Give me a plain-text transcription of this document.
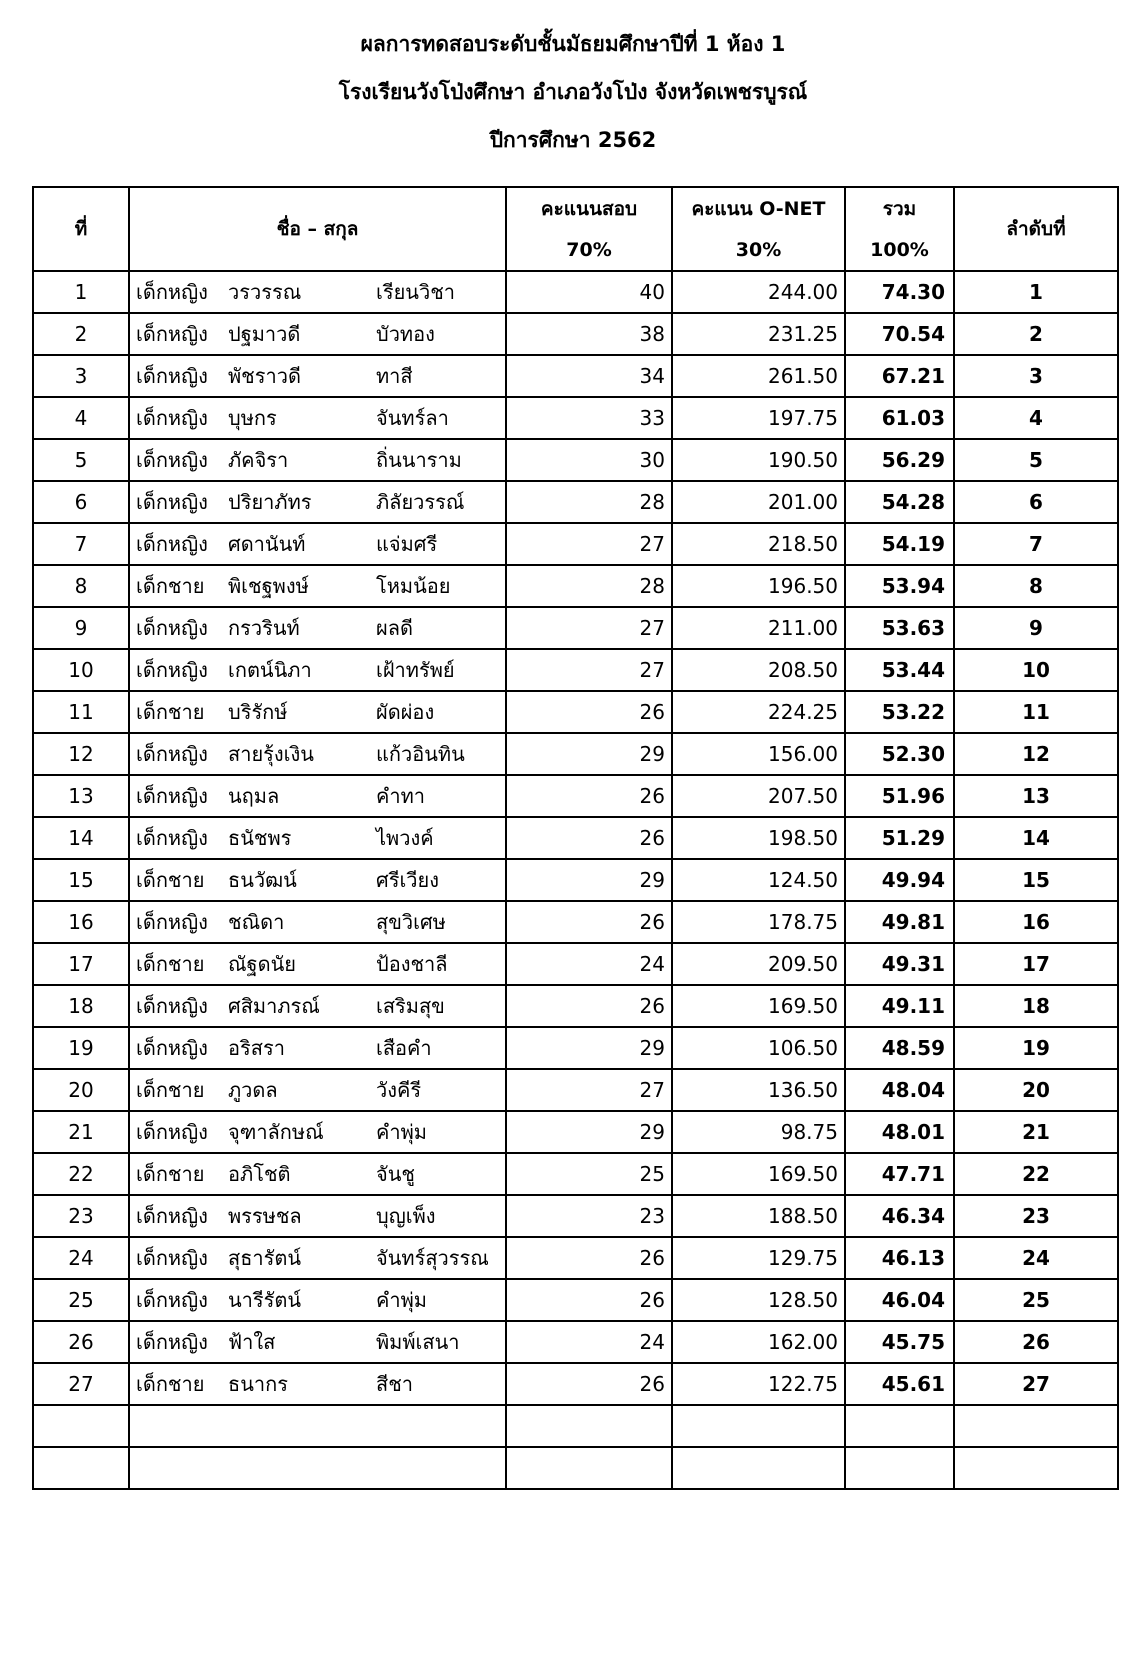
ผลการทดสอบระดับชั้นมัธยมศึกษาปีที่ 1 ห้อง 1
โรงเรียนวังโป่งศึกษา อำเภอวังโป่ง จังหวัดเพชรบูรณ์
ปีการศึกษา 2562
ที่	ชื่อ – สกุล	คะแนนสอบ	คะแนน O-NET	รวม	ลำดับที่
		70%	30%	100%	
1	เด็กหญิง วรวรรณ เรียนวิชา	40	244.00	74.30	1
2	เด็กหญิง ปฐมาวดี บัวทอง	38	231.25	70.54	2
3	เด็กหญิง พัชราวดี ทาสี	34	261.50	67.21	3
4	เด็กหญิง บุษกร จันทร์ลา	33	197.75	61.03	4
5	เด็กหญิง ภัคจิรา ถิ่นนาราม	30	190.50	56.29	5
6	เด็กหญิง ปริยาภัทร ภิลัยวรรณ์	28	201.00	54.28	6
7	เด็กหญิง ศดานันท์ แจ่มศรี	27	218.50	54.19	7
8	เด็กชาย พิเชฐพงษ์ โหมน้อย	28	196.50	53.94	8
9	เด็กหญิง กรวรินท์ ผลดี	27	211.00	53.63	9
10	เด็กหญิง เกตน์นิภา เฝ้าทรัพย์	27	208.50	53.44	10
11	เด็กชาย บริรักษ์ ผัดผ่อง	26	224.25	53.22	11
12	เด็กหญิง สายรุ้งเงิน แก้วอินทิน	29	156.00	52.30	12
13	เด็กหญิง นฤมล คำทา	26	207.50	51.96	13
14	เด็กหญิง ธนัชพร ไพวงค์	26	198.50	51.29	14
15	เด็กชาย ธนวัฒน์ ศรีเวียง	29	124.50	49.94	15
16	เด็กหญิง ชณิดา สุขวิเศษ	26	178.75	49.81	16
17	เด็กชาย ณัฐดนัย ป้องชาลี	24	209.50	49.31	17
18	เด็กหญิง ศสิมาภรณ์ เสริมสุข	26	169.50	49.11	18
19	เด็กหญิง อริสรา เสือคำ	29	106.50	48.59	19
20	เด็กชาย ภูวดล วังคีรี	27	136.50	48.04	20
21	เด็กหญิง จุฑาลักษณ์ คำพุ่ม	29	98.75	48.01	21
22	เด็กชาย อภิโชติ จันชู	25	169.50	47.71	22
23	เด็กหญิง พรรษชล บุญเพ็ง	23	188.50	46.34	23
24	เด็กหญิง สุธารัตน์ จันทร์สุวรรณ	26	129.75	46.13	24
25	เด็กหญิง นารีรัตน์ คำพุ่ม	26	128.50	46.04	25
26	เด็กหญิง ฟ้าใส พิมพ์เสนา	24	162.00	45.75	26
27	เด็กชาย ธนากร สีชา	26	122.75	45.61	27
